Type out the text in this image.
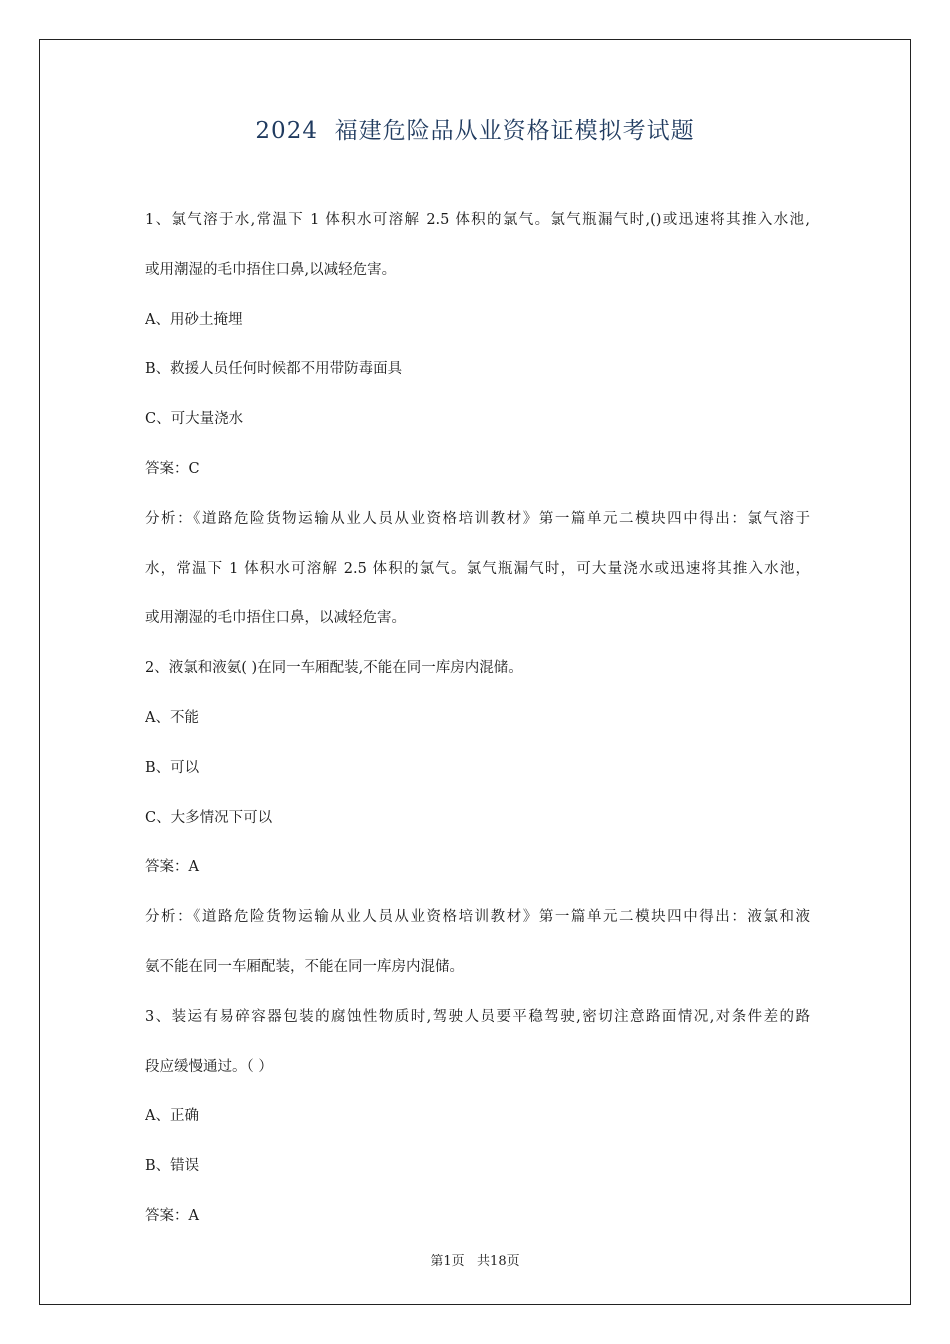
2024  福建危险品从业资格证模拟考试题
1、氯气溶于水,常温下 1 体积水可溶解 2.5 体积的氯气。氯气瓶漏气时,()或迅速将其推入水池,
或用潮湿的毛巾捂住口鼻,以减轻危害。
A、用砂土掩埋
B、救援人员任何时候都不用带防毒面具
C、可大量浇水
答案：C
分析：《道路危险货物运输从业人员从业资格培训教材》第一篇单元二模块四中得出：氯气溶于
水，常温下 1 体积水可溶解 2.5 体积的氯气。氯气瓶漏气时，可大量浇水或迅速将其推入水池，
或用潮湿的毛巾捂住口鼻，以减轻危害。
2、液氯和液氨( )在同一车厢配装,不能在同一库房内混储。
A、不能
B、可以
C、大多情况下可以
答案：A
分析：《道路危险货物运输从业人员从业资格培训教材》第一篇单元二模块四中得出：液氯和液
氨不能在同一车厢配装，不能在同一库房内混储。
3、装运有易碎容器包装的腐蚀性物质时,驾驶人员要平稳驾驶,密切注意路面情况,对条件差的路
段应缓慢通过。（ ）
A、正确
B、错误
答案：A
第1页   共18页
